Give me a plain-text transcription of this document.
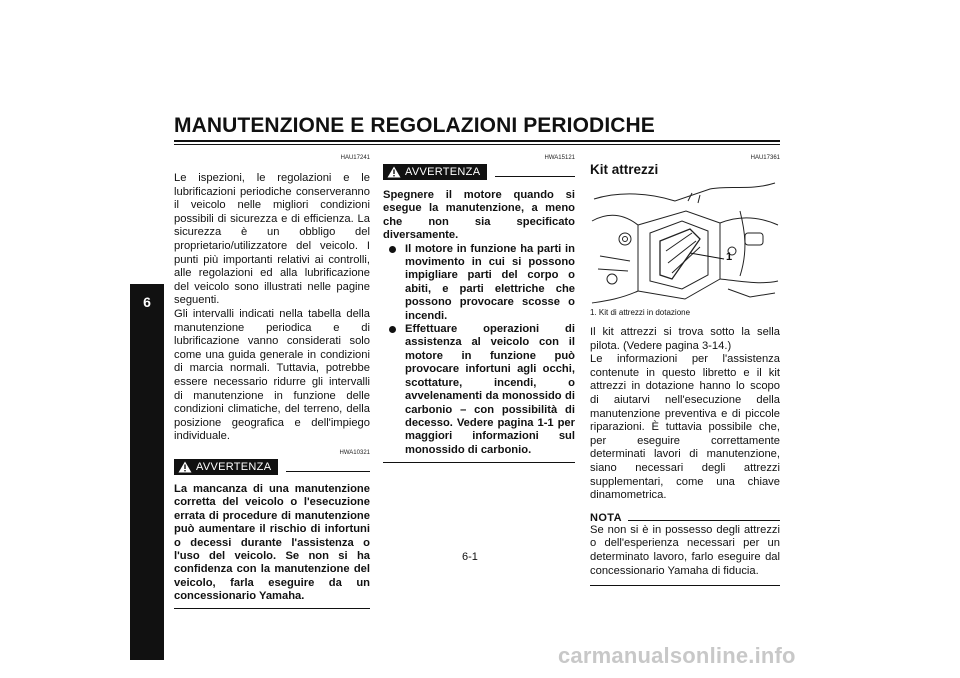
MANUTENZIONE E REGOLAZIONI PERIODICHE
6
HAU17241

Le ispezioni, le regolazioni e le lubrificazioni periodiche conserveranno il veicolo nelle migliori condizioni possibili di sicurezza e di efficienza. La sicurezza è un obbligo del proprietario/utilizzatore del veicolo. I punti più importanti relativi ai controlli, alle regolazioni ed alla lubrificazione del veicolo sono illustrati nelle pagine seguenti.

Gli intervalli indicati nella tabella della manutenzione periodica e di lubrificazione vanno considerati solo come una guida generale in condizioni di marcia normali. Tuttavia, potrebbe essere necessario ridurre gli intervalli di manutenzione in funzione delle condizioni climatiche, del terreno, della posizione geografica e dell'impiego individuale.

HWA10321
AVVERTENZA

La mancanza di una manutenzione corretta del veicolo o l'esecuzione errata di procedure di manutenzione può aumentare il rischio di infortuni o decessi durante l'assistenza o l'uso del veicolo. Se non si ha confidenza con la manutenzione del veicolo, farla eseguire da un concessionario Yamaha.

HWA15121
AVVERTENZA

Spegnere il motore quando si esegue la manutenzione, a meno che non sia specificato diversamente.

Il motore in funzione ha parti in movimento in cui si possono impigliare parti del corpo o abiti, e parti elettriche che possono provocare scosse o incendi.
Effettuare operazioni di assistenza al veicolo con il motore in funzione può provocare infortuni agli occhi, scottature, incendi, o avvelenamenti da monossido di carbonio – con possibilità di decesso. Vedere pagina 1-1 per maggiori informazioni sul monossido di carbonio.
HAU17361
Kit attrezzi
1
1. Kit di attrezzi in dotazione

Il kit attrezzi si trova sotto la sella pilota. (Vedere pagina 3-14.)

Le informazioni per l'assistenza contenute in questo libretto e il kit attrezzi in dotazione hanno lo scopo di aiutarvi nell'esecuzione della manutenzione preventiva e di piccole riparazioni. È tuttavia possibile che, per eseguire correttamente determinati lavori di manutenzione, siano necessari degli attrezzi supplementari, come una chiave dinamometrica.

NOTA

Se non si è in possesso degli attrezzi o dell'esperienza necessari per un determinato lavoro, farlo eseguire dal concessionario Yamaha di fiducia.

6-1
carmanualsonline.info
